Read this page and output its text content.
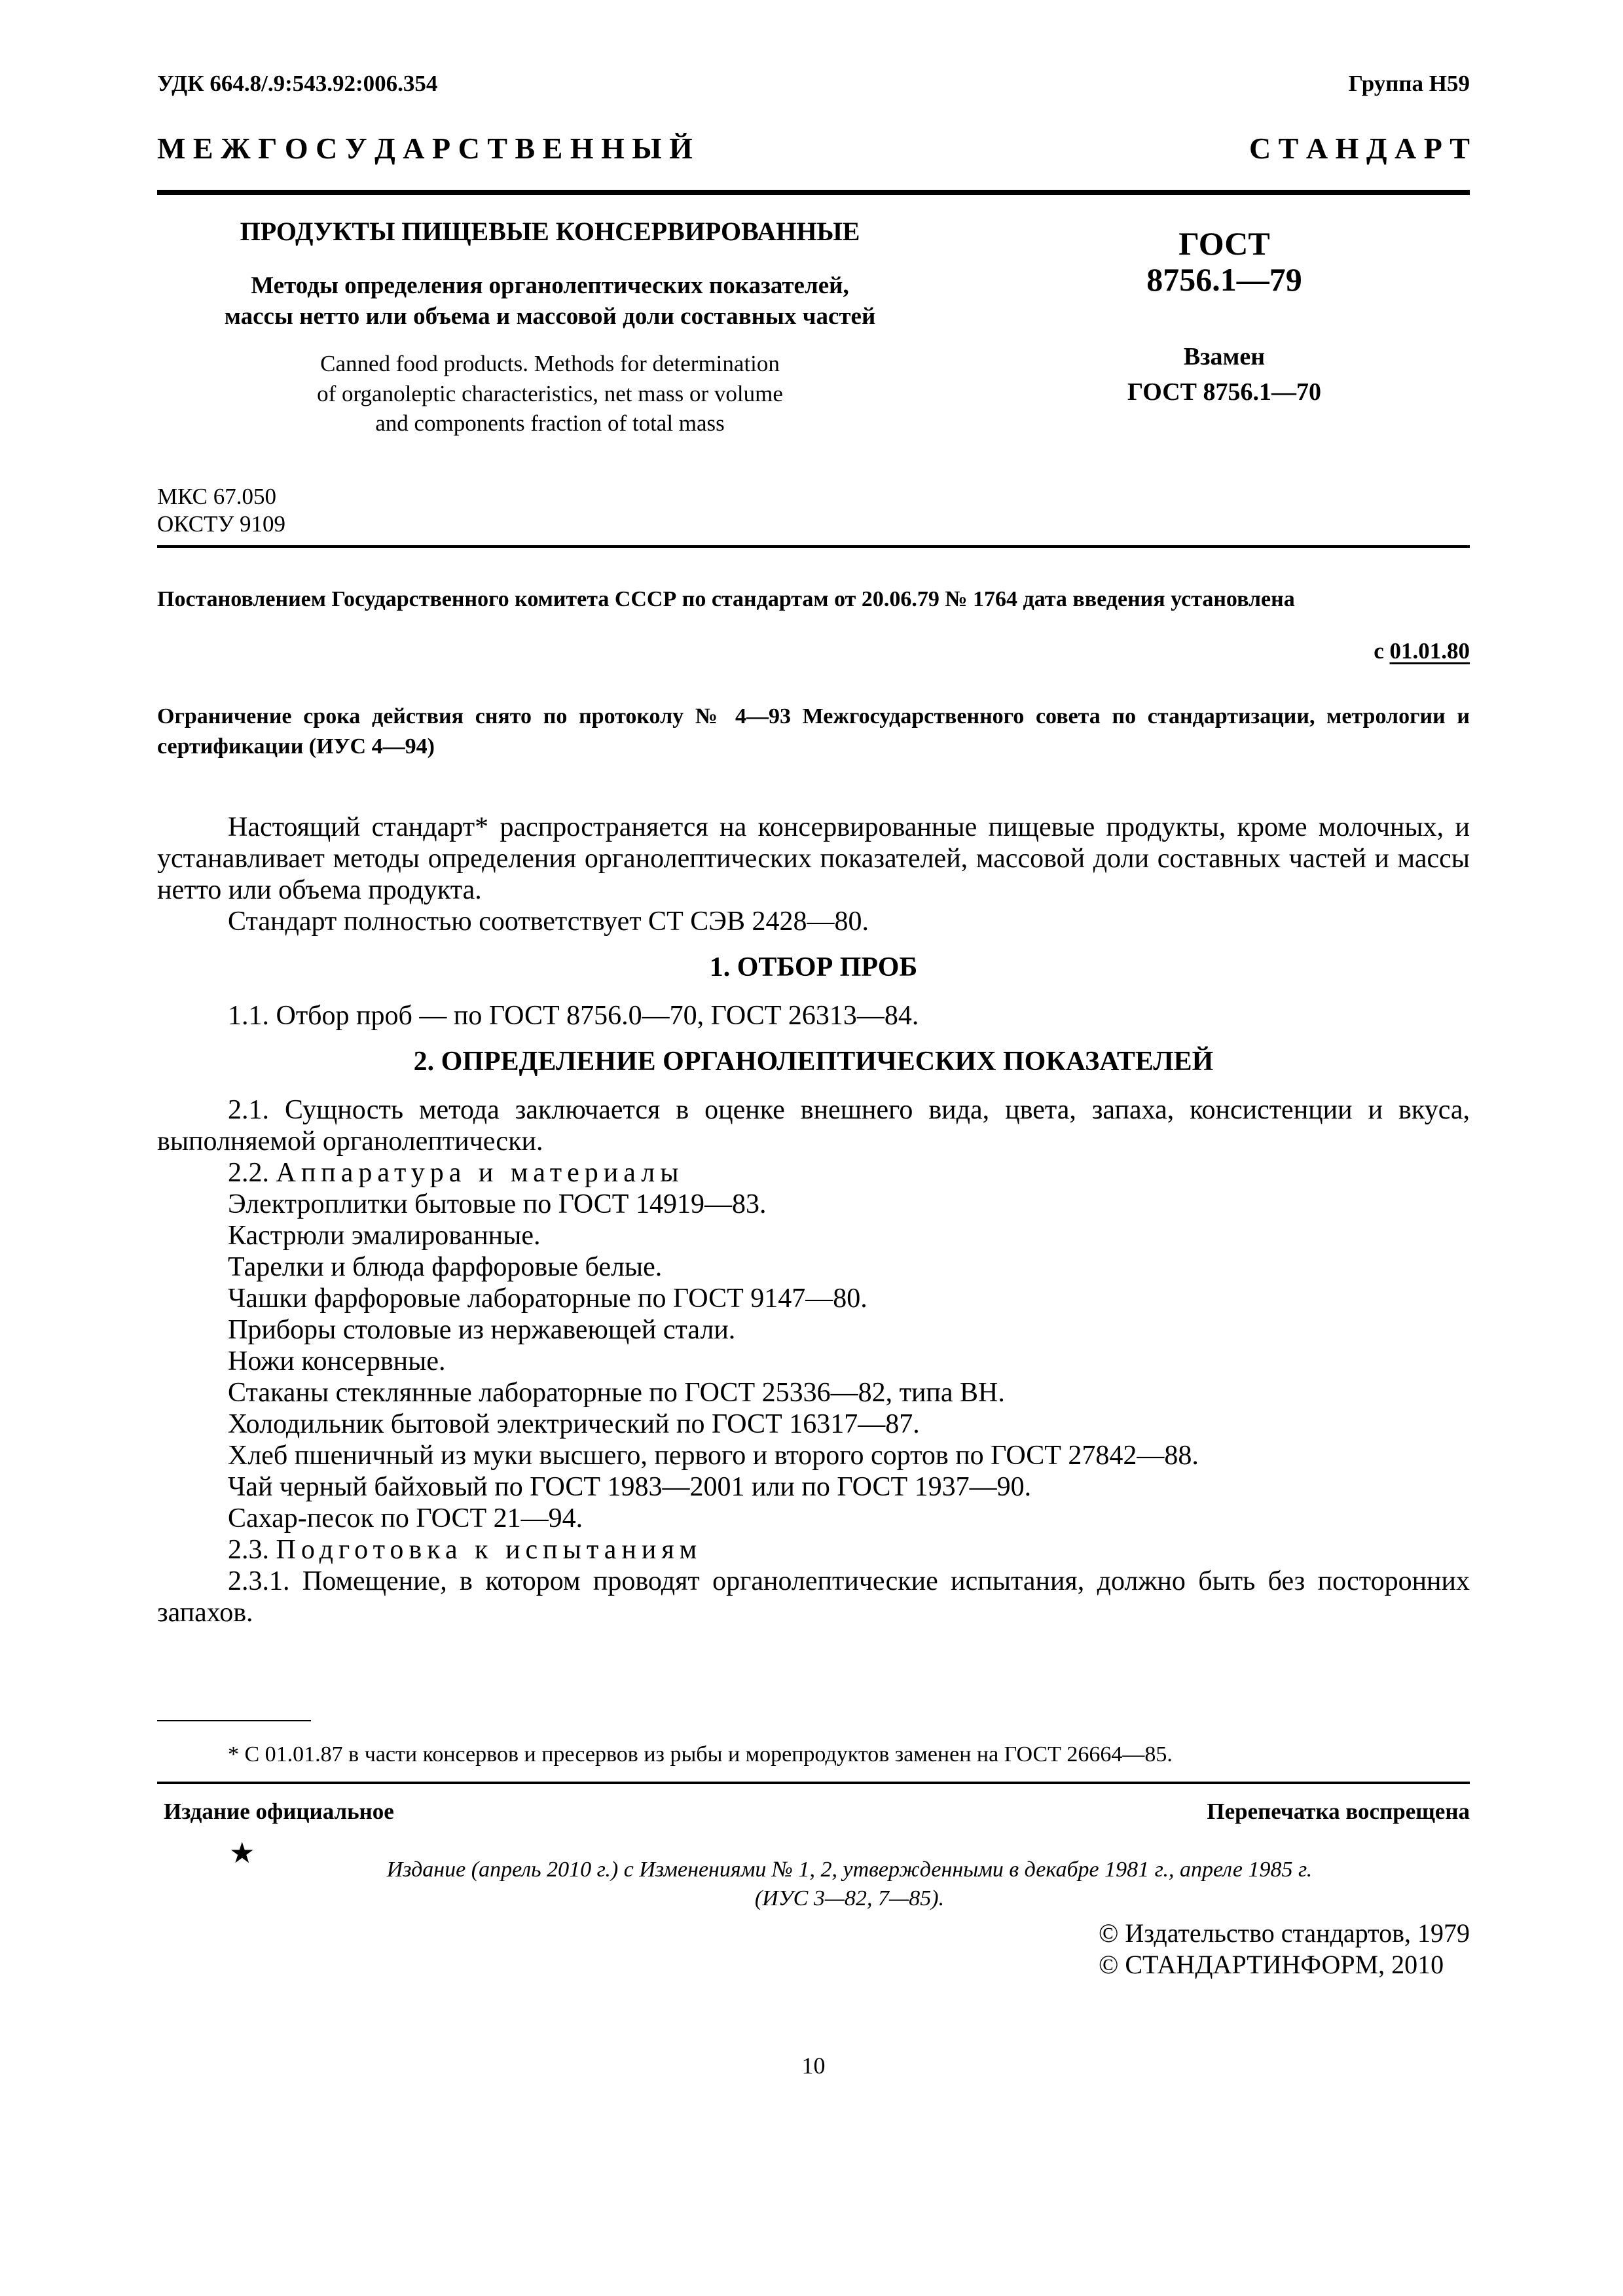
УДК 664.8/.9:543.92:006.354	Группа Н59
М Е Ж Г О С У Д А Р С Т В Е Н Н Ы Й	С Т А Н Д А Р Т
ПРОДУКТЫ ПИЩЕВЫЕ КОНСЕРВИРОВАННЫЕ
Методы определения органолептических показателей,
массы нетто или объема и массовой доли составных частей
Canned food products. Methods for determination
of organoleptic characteristics, net mass or volume
and components fraction of total mass
ГОСТ
8756.1—79
Взамен
ГОСТ 8756.1—70
МКС 67.050
ОКСТУ 9109
Постановлением Государственного комитета СССР по стандартам от 20.06.79 № 1764 дата введения установлена
с 01.01.80
Ограничение срока действия снято по протоколу № 4—93 Межгосударственного совета по стандартизации, метрологии и сертификации (ИУС 4—94)

Настоящий стандарт* распространяется на консервированные пищевые продукты, кроме молочных, и устанавливает методы определения органолептических показателей, массовой доли составных частей и массы нетто или объема продукта.

Стандарт полностью соответствует СТ СЭВ 2428—80.

1. ОТБОР ПРОБ

1.1. Отбор проб — по ГОСТ 8756.0—70, ГОСТ 26313—84.

2. ОПРЕДЕЛЕНИЕ ОРГАНОЛЕПТИЧЕСКИХ ПОКАЗАТЕЛЕЙ

2.1. Сущность метода заключается в оценке внешнего вида, цвета, запаха, консистенции и вкуса, выполняемой органолептически.

2.2. Аппаратура и материалы

Электроплитки бытовые по ГОСТ 14919—83.

Кастрюли эмалированные.

Тарелки и блюда фарфоровые белые.

Чашки фарфоровые лабораторные по ГОСТ 9147—80.

Приборы столовые из нержавеющей стали.

Ножи консервные.

Стаканы стеклянные лабораторные по ГОСТ 25336—82, типа ВН.

Холодильник бытовой электрический по ГОСТ 16317—87.

Хлеб пшеничный из муки высшего, первого и второго сортов по ГОСТ 27842—88.

Чай черный байховый по ГОСТ 1983—2001 или по ГОСТ 1937—90.

Сахар-песок по ГОСТ 21—94.

2.3. Подготовка к испытаниям

2.3.1. Помещение, в котором проводят органолептические испытания, должно быть без посторонних запахов.

* С 01.01.87 в части консервов и пресервов из рыбы и морепродуктов заменен на ГОСТ 26664—85.
Издание официальное	Перепечатка воспрещена
★
Издание (апрель 2010 г.) с Изменениями № 1, 2, утвержденными в декабре 1981 г., апреле 1985 г.
(ИУС 3—82, 7—85).
© Издательство стандартов, 1979
© СТАНДАРТИНФОРМ, 2010
10
